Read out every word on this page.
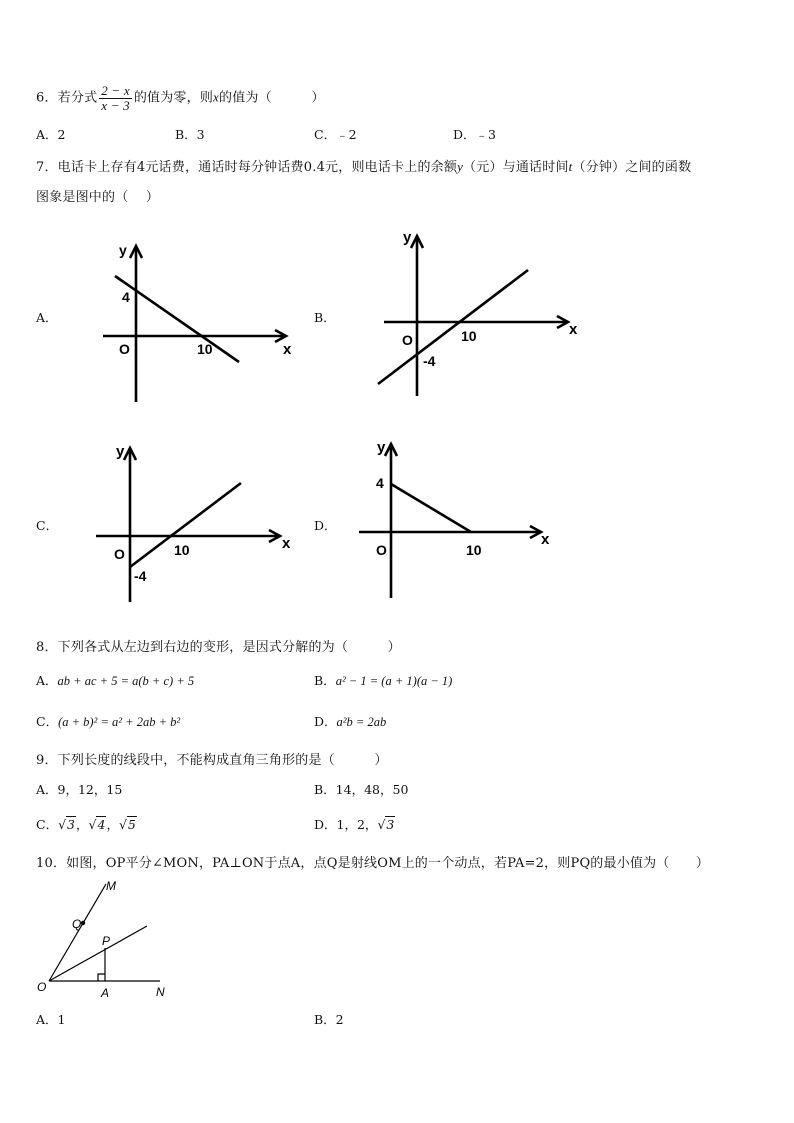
6．若分式 $\frac{2 - x}{x - 3}$ 的值为零，则x的值为（　　　）
A．2	B．3	C．﹣2	D．﹣3
7．电话卡上存有4元话费，通话时每分钟话费0.4元，则电话卡上的余额y（元）与通话时间t（分钟）之间的函数
图象是图中的（　 ）
A．	B．
C．	D．
y
x
4
O	10
y
x
O	10
-4
y
x
O	10
-4
y
x
4
O	10
8．下列各式从左边到右边的变形，是因式分解的为（　　　）
A．ab + ac + 5 = a(b + c) + 5	B．a² − 1 = (a + 1)(a − 1)
C．(a + b)² = a² + 2ab + b²	D．a²b = 2ab
9．下列长度的线段中，不能构成直角三角形的是（　　　）
A．9，12，15	B．14，48，50
C．√3，√4，√5	D．1，2，√3
10．如图，OP平分∠MON，PA⊥ON于点A，点Q是射线OM上的一个动点，若PA=2，则PQ的最小值为（　　）
M
Q
P
O	A	N
A．1	B．2
